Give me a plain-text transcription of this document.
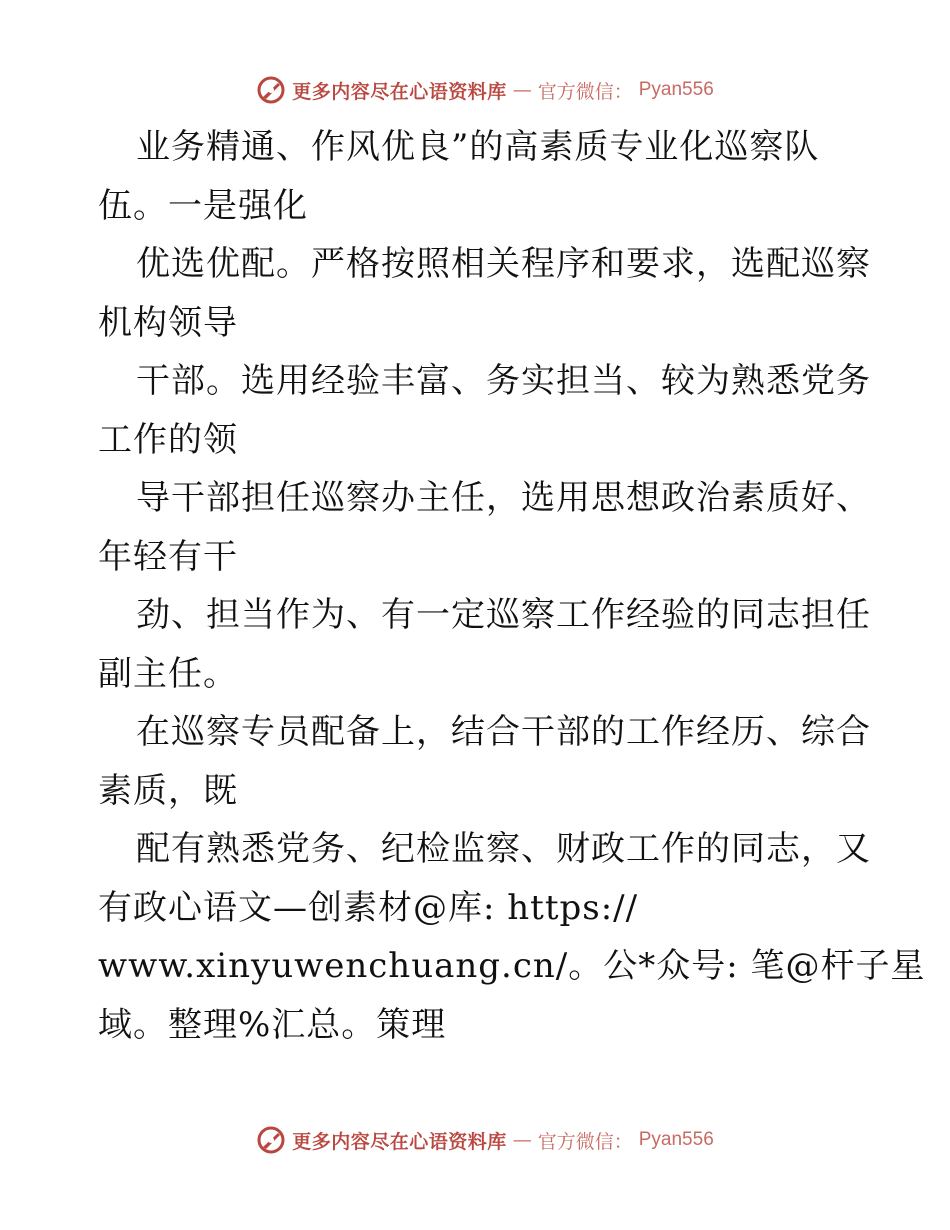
更多内容尽在心语资料库 — 官方微信： Pyan556
业务精通、作风优良”的高素质专业化巡察队
伍。一是强化
优选优配。严格按照相关程序和要求，选配巡察
机构领导
干部。选用经验丰富、务实担当、较为熟悉党务
工作的领
导干部担任巡察办主任，选用思想政治素质好、
年轻有干
劲、担当作为、有一定巡察工作经验的同志担任
副主任。
在巡察专员配备上，结合干部的工作经历、综合
素质，既
配有熟悉党务、纪检监察、财政工作的同志，又
有政心语文—创素材@库: https://
www.xinyuwenchuang.cn/。公*众号: 笔@杆子星
域。整理%汇总。策理
更多内容尽在心语资料库 — 官方微信： Pyan556
